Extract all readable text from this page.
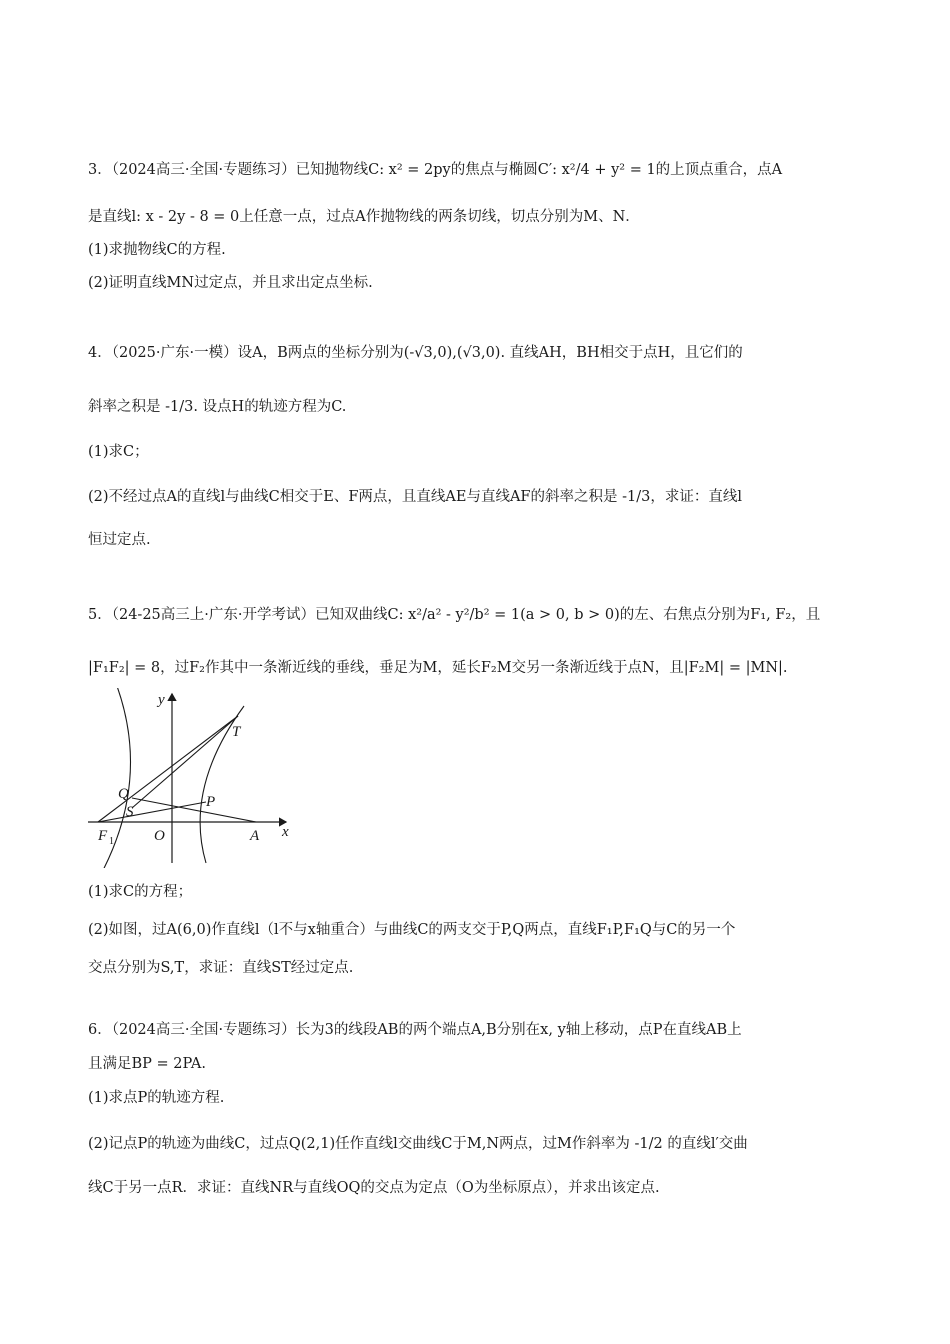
3．（2024高三·全国·专题练习）已知抛物线C: x² = 2py的焦点与椭圆C′: x²/4 + y² = 1的上顶点重合，点A
是直线l: x - 2y - 8 = 0上任意一点，过点A作抛物线的两条切线，切点分别为M、N．
(1)求抛物线C的方程.
(2)证明直线MN过定点，并且求出定点坐标.
4．（2025·广东·一模）设A，B两点的坐标分别为(-√3,0),(√3,0). 直线AH，BH相交于点H，且它们的
斜率之积是 -1/3. 设点H的轨迹方程为C.
(1)求C；
(2)不经过点A的直线l与曲线C相交于E、F两点，且直线AE与直线AF的斜率之积是 -1/3，求证：直线l
恒过定点.
5．（24-25高三上·广东·开学考试）已知双曲线C: x²/a² - y²/b² = 1(a > 0, b > 0)的左、右焦点分别为F₁, F₂，且
|F₁F₂| = 8，过F₂作其中一条渐近线的垂线，垂足为M，延长F₂M交另一条渐近线于点N，且|F₂M| = |MN|.
y
x
T
Q	P
S
F 1	O	A
(1)求C的方程；
(2)如图，过A(6,0)作直线l（l不与x轴重合）与曲线C的两支交于P,Q两点，直线F₁P,F₁Q与C的另一个
交点分别为S,T，求证：直线ST经过定点.
6．（2024高三·全国·专题练习）长为3的线段AB的两个端点A,B分别在x, y轴上移动，点P在直线AB上
且满足BP = 2PA.
(1)求点P的轨迹方程.
(2)记点P的轨迹为曲线C，过点Q(2,1)任作直线l交曲线C于M,N两点，过M作斜率为 -1/2 的直线l′交曲
线C于另一点R．求证：直线NR与直线OQ的交点为定点（O为坐标原点），并求出该定点.
